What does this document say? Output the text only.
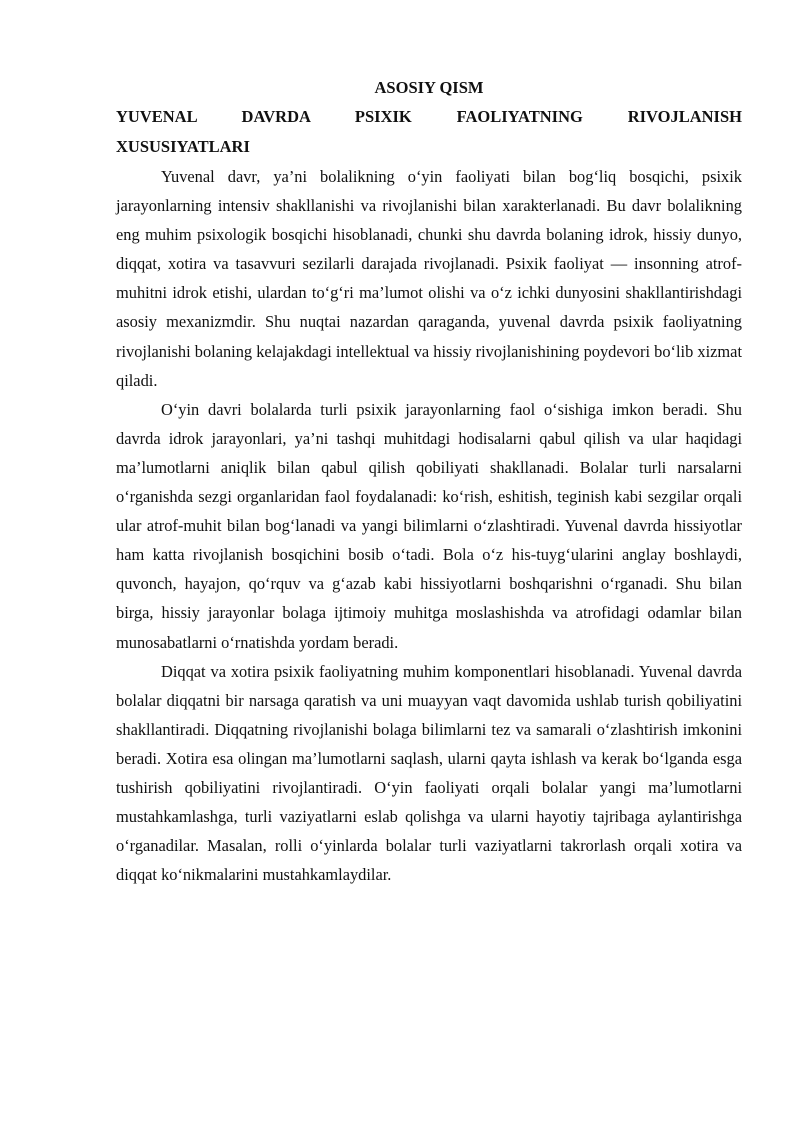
ASOSIY QISM
YUVENAL DAVRDA PSIXIK FAOLIYATNING RIVOJLANISH
XUSUSIYATLARI

Yuvenal davr, ya’ni bolalikning o‘yin faoliyati bilan bog‘liq bosqichi, psixik jarayonlarning intensiv shakllanishi va rivojlanishi bilan xarakterlanadi. Bu davr bolalikning eng muhim psixologik bosqichi hisoblanadi, chunki shu davrda bolaning idrok, hissiy dunyo, diqqat, xotira va tasavvuri sezilarli darajada rivojlanadi. Psixik faoliyat — insonning atrof-muhitni idrok etishi, ulardan to‘g‘ri ma’lumot olishi va o‘z ichki dunyosini shakllantirishdagi asosiy mexanizmdir. Shu nuqtai nazardan qaraganda, yuvenal davrda psixik faoliyatning rivojlanishi bolaning kelajakdagi intellektual va hissiy rivojlanishining poydevori bo‘lib xizmat qiladi.

O‘yin davri bolalarda turli psixik jarayonlarning faol o‘sishiga imkon beradi. Shu davrda idrok jarayonlari, ya’ni tashqi muhitdagi hodisalarni qabul qilish va ular haqidagi ma’lumotlarni aniqlik bilan qabul qilish qobiliyati shakllanadi. Bolalar turli narsalarni o‘rganishda sezgi organlaridan faol foydalanadi: ko‘rish, eshitish, teginish kabi sezgilar orqali ular atrof-muhit bilan bog‘lanadi va yangi bilimlarni o‘zlashtiradi. Yuvenal davrda hissiyotlar ham katta rivojlanish bosqichini bosib o‘tadi. Bola o‘z his-tuyg‘ularini anglay boshlaydi, quvonch, hayajon, qo‘rquv va g‘azab kabi hissiyotlarni boshqarishni o‘rganadi. Shu bilan birga, hissiy jarayonlar bolaga ijtimoiy muhitga moslashishda va atrofidagi odamlar bilan munosabatlarni o‘rnatishda yordam beradi.

Diqqat va xotira psixik faoliyatning muhim komponentlari hisoblanadi. Yuvenal davrda bolalar diqqatni bir narsaga qaratish va uni muayyan vaqt davomida ushlab turish qobiliyatini shakllantiradi. Diqqatning rivojlanishi bolaga bilimlarni tez va samarali o‘zlashtirish imkonini beradi. Xotira esa olingan ma’lumotlarni saqlash, ularni qayta ishlash va kerak bo‘lganda esga tushirish qobiliyatini rivojlantiradi. O‘yin faoliyati orqali bolalar yangi ma’lumotlarni mustahkamlashga, turli vaziyatlarni eslab qolishga va ularni hayotiy tajribaga aylantirishga o‘rganadilar. Masalan, rolli o‘yinlarda bolalar turli vaziyatlarni takrorlash orqali xotira va diqqat ko‘nikmalarini mustahkamlaydilar.
